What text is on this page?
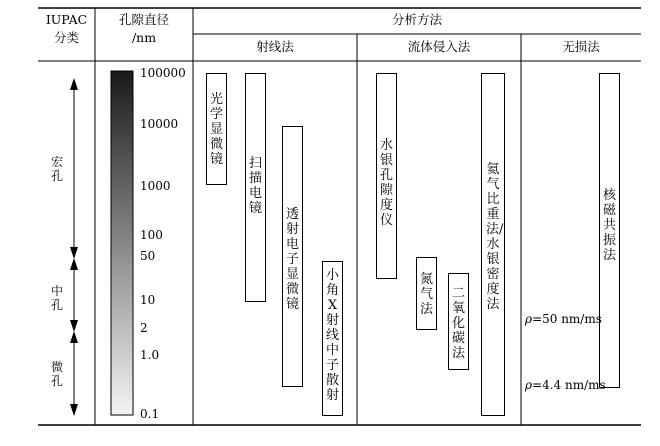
IUPAC
分类
孔隙直径
/nm
分析方法
射线法	流体侵入法	无损法
宏孔
中孔
微孔
100000
10000
1000
100
50
10
2
1.0
0.1
光学显微镜 扫描电镜 透射电子显微镜
小角X射线中子散射
水银孔隙度仪
氮气法
二氧化碳法
氦气比重法/水银密度法
核磁共振法
ρ=50 nm/ms
ρ=4.4 nm/ms
